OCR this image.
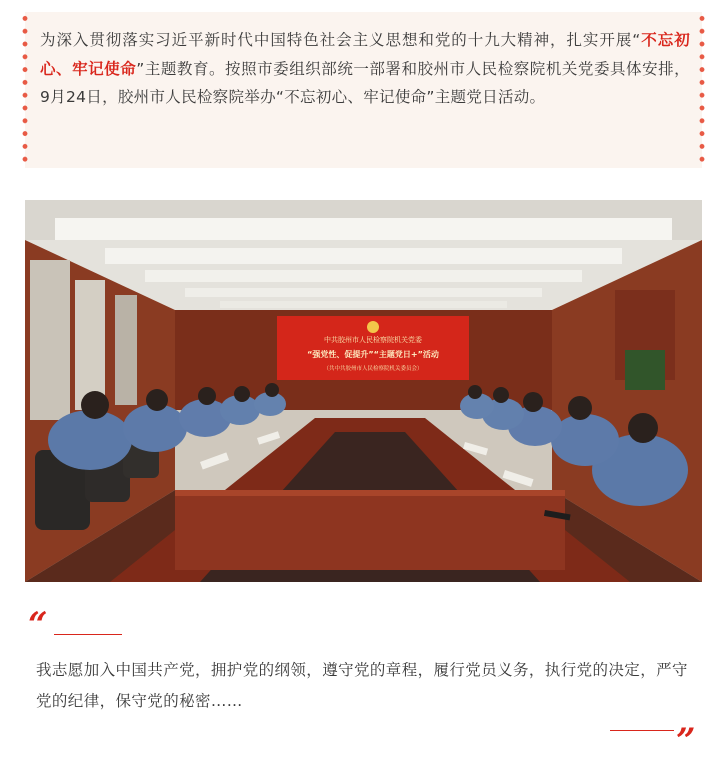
为深入贯彻落实习近平新时代中国特色社会主义思想和党的十九大精神，扎实开展“不忘初心、牢记使命”主题教育。按照市委组织部统一部署和胶州市人民检察院机关党委具体安排，9月24日，胶州市人民检察院举办“不忘初心、牢记使命”主题党日活动。
中共胶州市人民检察院机关党委
“强党性、促提升”“主题党日+”活动
（共中共胶州市人民检察院机关委员会）
“
我志愿加入中国共产党，拥护党的纲领，遵守党的章程，履行党员义务，执行党的决定，严守党的纪律，保守党的秘密……
”
